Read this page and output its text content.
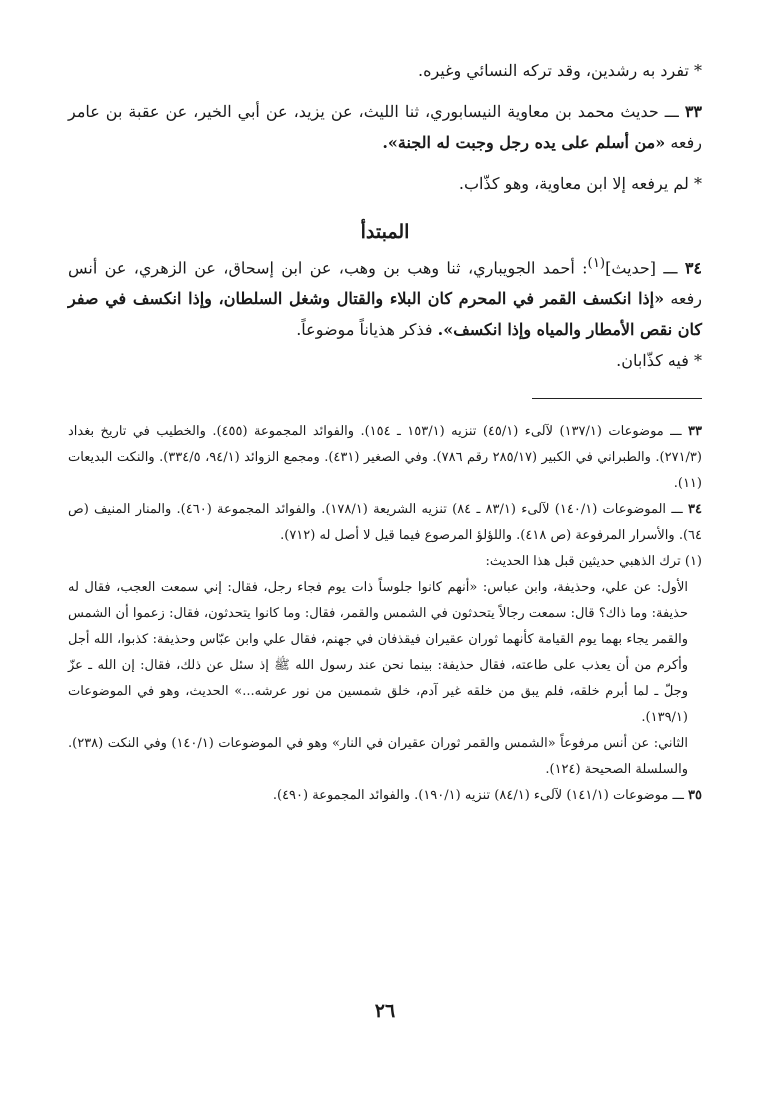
* تفرد به رشدين، وقد تركه النسائي وغيره.

٣٣ ـــ حديث محمد بن معاوية النيسابوري، ثنا الليث، عن يزيد، عن أبي الخير، عن عقبة بن عامر رفعه «من أسلم على يده رجل وجبت له الجنة».

* لم يرفعه إلا ابن معاوية، وهو كذّاب.

المبتدأ

٣٤ ـــ [حديث]$^{(١)}$: أحمد الجويباري، ثنا وهب بن وهب، عن ابن إسحاق، عن الزهري، عن أنس رفعه «إذا انكسف القمر في المحرم كان البلاء والقتال وشغل السلطان، وإذا انكسف في صفر كان نقص الأمطار والمياه وإذا انكسف». فذكر هذياناً موضوعاً.

* فيه كذّابان.

٣٣ ـــ موضوعات (١٣٧/١) لآلىء (٤٥/١) تنزيه (١٥٣/١ ـ ١٥٤). والفوائد المجموعة (٤٥٥). والخطيب في تاريخ بغداد (٢٧١/٣). والطبراني في الكبير (٢٨٥/١٧ رقم ٧٨٦). وفي الصغير (٤٣١). ومجمع الزوائد (٩٤/١، ٣٣٤/٥). والنكت البديعات (١١).

٣٤ ـــ الموضوعات (١٤٠/١) لآلىء (٨٣/١ ـ ٨٤) تنزيه الشريعة (١٧٨/١). والفوائد المجموعة (٤٦٠). والمنار المنيف (ص ٦٤). والأسرار المرفوعة (ص ٤١٨). واللؤلؤ المرصوع فيما قيل لا أصل له (٧١٢).

(١) ترك الذهبي حديثين قبل هذا الحديث:

الأول: عن علي، وحذيفة، وابن عباس: «أنهم كانوا جلوساً ذات يوم فجاء رجل، فقال: إني سمعت العجب، فقال له حذيفة: وما ذاك؟ قال: سمعت رجالاً يتحدثون في الشمس والقمر، فقال: وما كانوا يتحدثون، فقال: زعموا أن الشمس والقمر يجاء بهما يوم القيامة كأنهما ثوران عقيران فيقذفان في جهنم، فقال علي وابن عبّاس وحذيفة: كذبوا، الله أجل وأكرم من أن يعذب على طاعته، فقال حذيفة: بينما نحن عند رسول الله ﷺ إذ سئل عن ذلك، فقال: إن الله ـ عزّ وجلّ ـ لما أبرم خلقه، فلم يبق من خلقه غير آدم، خلق شمسين من نور عرشه...» الحديث، وهو في الموضوعات (١٣٩/١).

الثاني: عن أنس مرفوعاً «الشمس والقمر ثوران عقيران في النار» وهو في الموضوعات (١٤٠/١) وفي النكت (٢٣٨). والسلسلة الصحيحة (١٢٤).

٣٥ ـــ موضوعات (١٤١/١) لآلىء (٨٤/١) تنزيه (١٩٠/١). والفوائد المجموعة (٤٩٠).

٢٦
